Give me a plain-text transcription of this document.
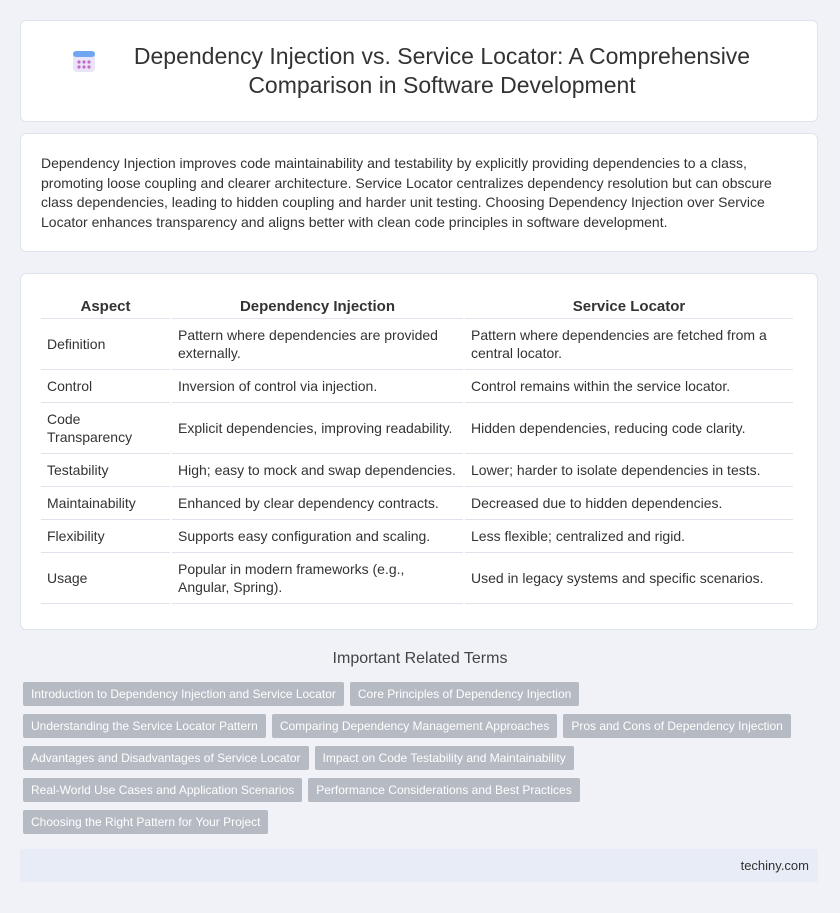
Dependency Injection vs. Service Locator: A Comprehensive Comparison in Software Development

Dependency Injection improves code maintainability and testability by explicitly providing dependencies to a class, promoting loose coupling and clearer architecture. Service Locator centralizes dependency resolution but can obscure class dependencies, leading to hidden coupling and harder unit testing. Choosing Dependency Injection over Service Locator enhances transparency and aligns better with clean code principles in software development.

Aspect	Dependency Injection	Service Locator
Definition	Pattern where dependencies are provided externally.	Pattern where dependencies are fetched from a central locator.
Control	Inversion of control via injection.	Control remains within the service locator.
Code Transparency	Explicit dependencies, improving readability.	Hidden dependencies, reducing code clarity.
Testability	High; easy to mock and swap dependencies.	Lower; harder to isolate dependencies in tests.
Maintainability	Enhanced by clear dependency contracts.	Decreased due to hidden dependencies.
Flexibility	Supports easy configuration and scaling.	Less flexible; centralized and rigid.
Usage	Popular in modern frameworks (e.g., Angular, Spring).	Used in legacy systems and specific scenarios.
Important Related Terms
Introduction to Dependency Injection and Service Locator Core Principles of Dependency Injection
Understanding the Service Locator Pattern Comparing Dependency Management Approaches Pros and Cons of Dependency Injection
Advantages and Disadvantages of Service Locator Impact on Code Testability and Maintainability
Real-World Use Cases and Application Scenarios Performance Considerations and Best Practices
Choosing the Right Pattern for Your Project
techiny.com
